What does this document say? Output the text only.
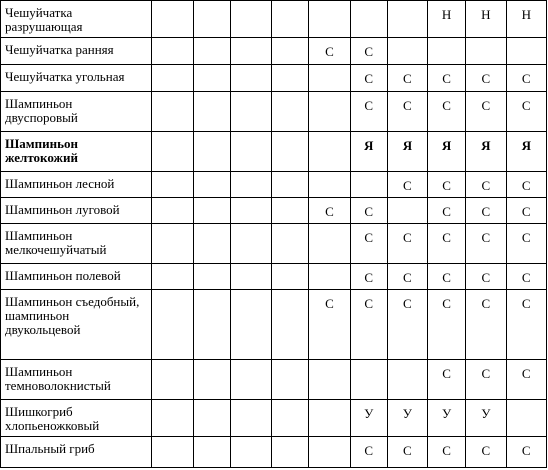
Чешуйчатка разрушающая								Н	Н	Н
Чешуйчатка ранняя					С	С				
Чешуйчатка угольная						С	С	С	С	С
Шампиньон двуспоровый						С	С	С	С	С
Шампиньон желтокожий						Я	Я	Я	Я	Я
Шампиньон лесной							С	С	С	С
Шампиньон луговой					С	С		С	С	С
Шампиньон мелкочешуйчатый						С	С	С	С	С
Шампиньон полевой						С	С	С	С	С
Шампиньон съедобный, шампиньон двукольцевой					С	С	С	С	С	С
Шампиньон темноволокнистый								С	С	С
Шишкогриб хлопьеножковый						У	У	У	У	
Шпальный гриб						С	С	С	С	С
